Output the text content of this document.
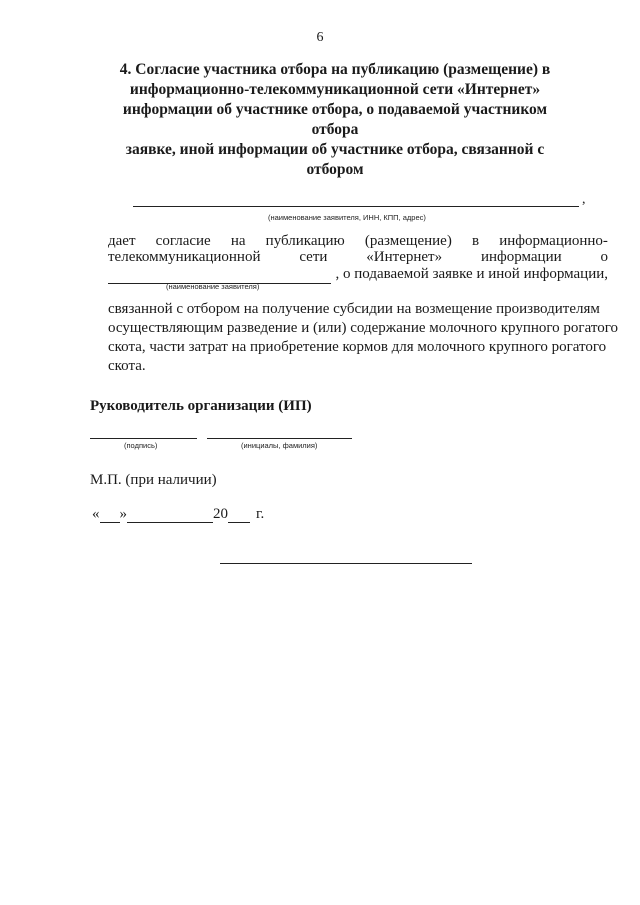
6
4. Согласие участника отбора на публикацию (размещение) в
информационно-телекоммуникационной сети «Интернет»
информации об участнике отбора, о подаваемой участником отбора
заявке, иной информации об участнике отбора, связанной с отбором
,
(наименование заявителя, ИНН, КПП, адрес)
дает согласие на публикацию (размещение) в информационно-
телекоммуникационной	сети	«Интернет»	информации	о
, о подаваемой заявке и иной информации,
(наименование заявителя)
связанной с отбором на получение субсидии на возмещение производителям
осуществляющим разведение и (или) содержание молочного крупного рогатого
скота, части затрат на приобретение кормов для молочного крупного рогатого
скота.
Руководитель организации (ИП)
(подпись)	(инициалы, фамилия)
М.П. (при наличии)
« »	20 г.
